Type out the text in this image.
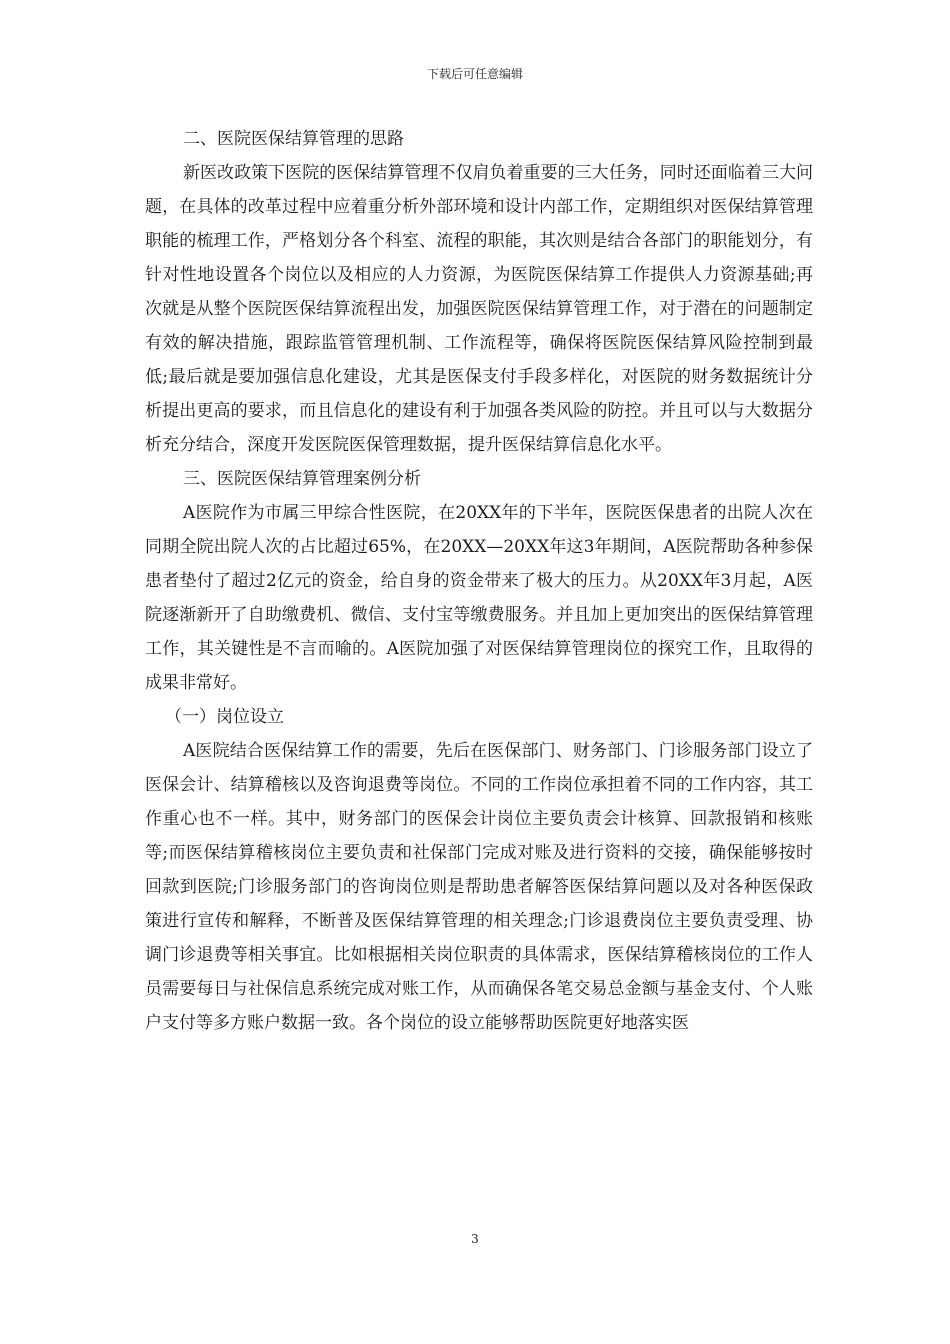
下载后可任意编辑

二、医院医保结算管理的思路

新医改政策下医院的医保结算管理不仅肩负着重要的三大任务，同时还面临着三大问题，在具体的改革过程中应着重分析外部环境和设计内部工作，定期组织对医保结算管理职能的梳理工作，严格划分各个科室、流程的职能，其次则是结合各部门的职能划分，有针对性地设置各个岗位以及相应的人力资源，为医院医保结算工作提供人力资源基础;再次就是从整个医院医保结算流程出发，加强医院医保结算管理工作，对于潜在的问题制定有效的解决措施，跟踪监管管理机制、工作流程等，确保将医院医保结算风险控制到最低;最后就是要加强信息化建设，尤其是医保支付手段多样化，对医院的财务数据统计分析提出更高的要求，而且信息化的建设有利于加强各类风险的防控。并且可以与大数据分析充分结合，深度开发医院医保管理数据，提升医保结算信息化水平。

三、医院医保结算管理案例分析

A医院作为市属三甲综合性医院，在20XX年的下半年，医院医保患者的出院人次在同期全院出院人次的占比超过65%，在20XX—20XX年这3年期间，A医院帮助各种参保患者垫付了超过2亿元的资金，给自身的资金带来了极大的压力。从20XX年3月起，A医院逐渐新开了自助缴费机、微信、支付宝等缴费服务。并且加上更加突出的医保结算管理工作，其关键性是不言而喻的。A医院加强了对医保结算管理岗位的探究工作，且取得的成果非常好。

（一）岗位设立

A医院结合医保结算工作的需要，先后在医保部门、财务部门、门诊服务部门设立了医保会计、结算稽核以及咨询退费等岗位。不同的工作岗位承担着不同的工作内容，其工作重心也不一样。其中，财务部门的医保会计岗位主要负责会计核算、回款报销和核账等;而医保结算稽核岗位主要负责和社保部门完成对账及进行资料的交接，确保能够按时回款到医院;门诊服务部门的咨询岗位则是帮助患者解答医保结算问题以及对各种医保政策进行宣传和解释，不断普及医保结算管理的相关理念;门诊退费岗位主要负责受理、协调门诊退费等相关事宜。比如根据相关岗位职责的具体需求，医保结算稽核岗位的工作人员需要每日与社保信息系统完成对账工作，从而确保各笔交易总金额与基金支付、个人账户支付等多方账户数据一致。各个岗位的设立能够帮助医院更好地落实医

3
